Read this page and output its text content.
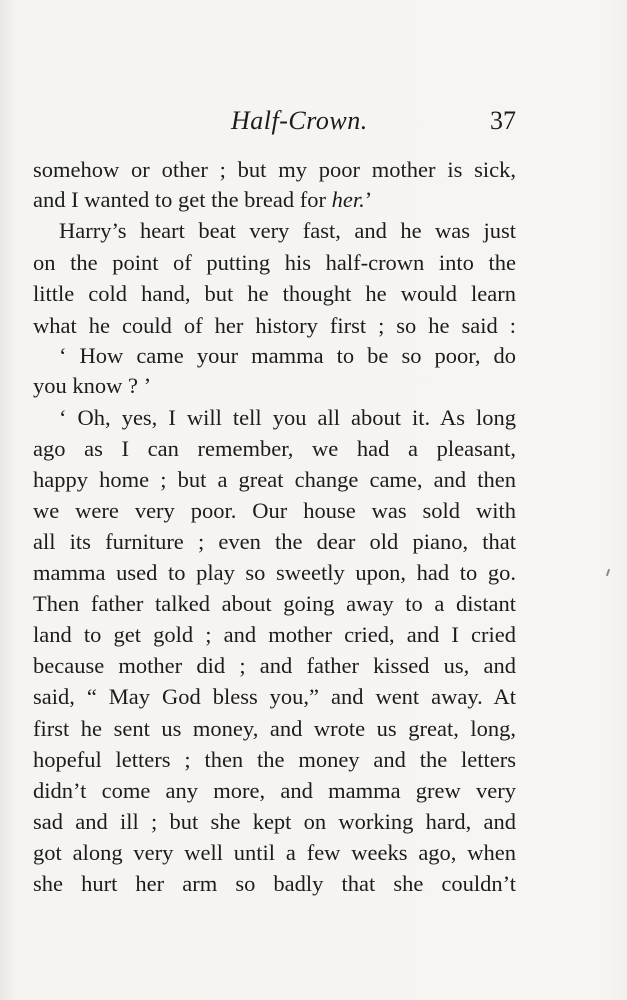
Half-Crown.	37
somehow or other ; but my poor mother is sick,
and I wanted to get the bread for her.’
Harry’s heart beat very fast, and he was just
on the point of putting his half-crown into the
little cold hand, but he thought he would learn
what he could of her history first ; so he said :
‘ How came your mamma to be so poor, do
you know ? ’
‘ Oh, yes, I will tell you all about it. As long
ago as I can remember, we had a pleasant,
happy home ; but a great change came, and then
we were very poor. Our house was sold with
all its furniture ; even the dear old piano, that
mamma used to play so sweetly upon, had to go.
Then father talked about going away to a distant
land to get gold ; and mother cried, and I cried
because mother did ; and father kissed us, and
said, “ May God bless you,” and went away. At
first he sent us money, and wrote us great, long,
hopeful letters ; then the money and the letters
didn’t come any more, and mamma grew very
sad and ill ; but she kept on working hard, and
got along very well until a few weeks ago, when
she hurt her arm so badly that she couldn’t
